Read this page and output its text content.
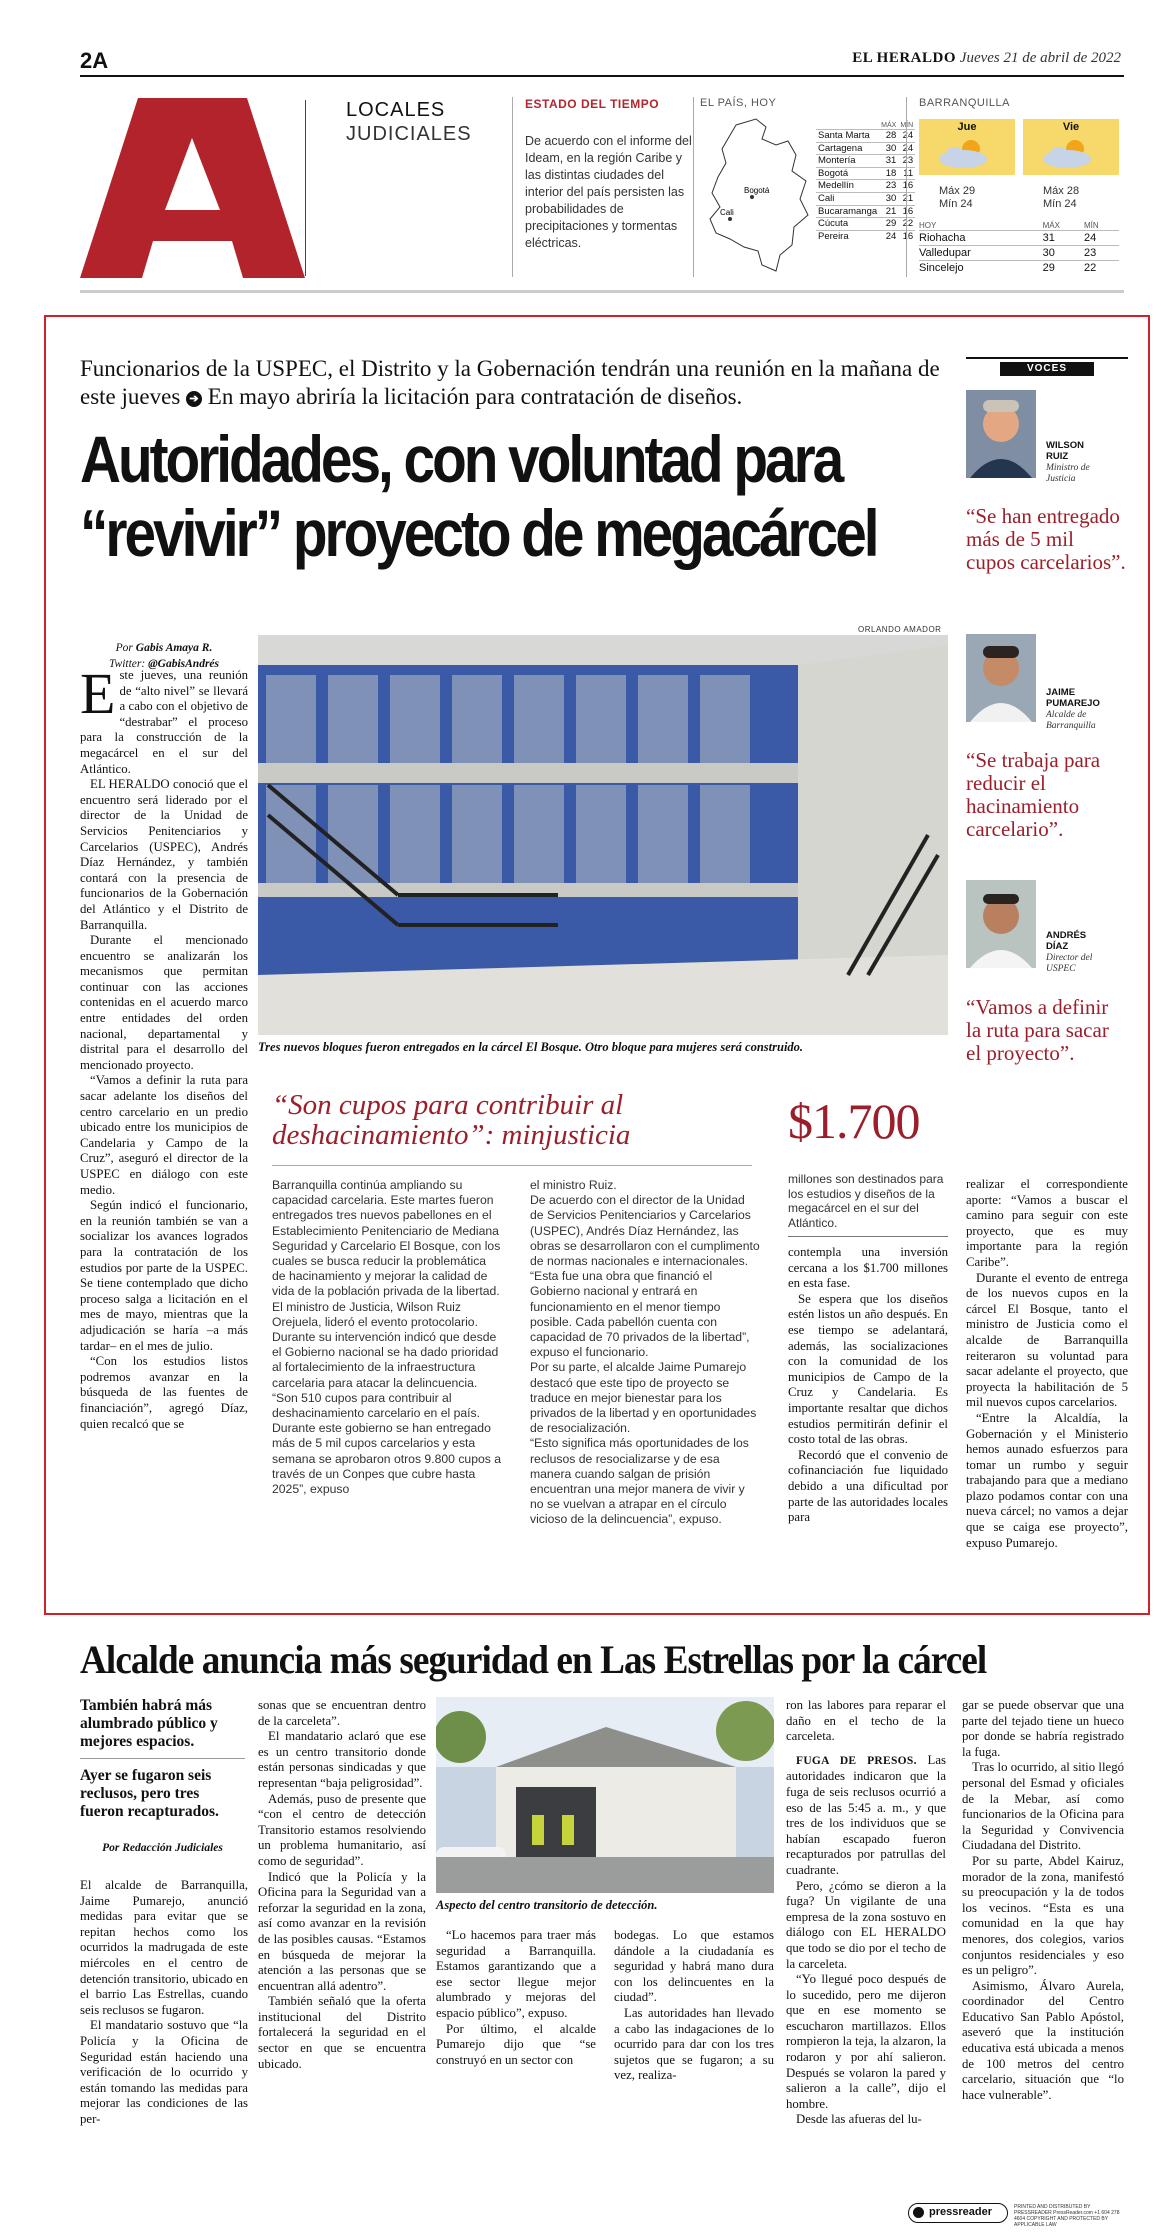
2A	EL HERALDO Jueves 21 de abril de 2022
A
LOCALES
JUDICIALES
ESTADO DEL TIEMPO
De acuerdo con el informe del Ideam, en la región Caribe y las distintas ciudades del interior del país persisten las probabilidades de precipitaciones y tormentas eléctricas.
EL PAÍS, HOY
Bogotá
Cali
	MÁX	MÍN
Santa Marta	28	24
Cartagena	30	24
Montería	31	23
Bogotá	18	11
Medellín	23	16
Cali	30	21
Bucaramanga	21	16
Cúcuta	29	22
Pereira	24	16
BARRANQUILLA
Jue	Vie
Máx 29
Mín 24
Máx 28
Mín 24
HOY	MÁX	MÍN
Riohacha	31	24
Valledupar	30	23
Sincelejo	29	22
Funcionarios de la USPEC, el Distrito y la Gobernación tendrán una reunión en la mañana de este jueves ➔ En mayo abriría la licitación para contratación de diseños.
Autoridades, con voluntad para
“revivir” proyecto de megacárcel
ORLANDO AMADOR
Por Gabis Amaya R.
Twitter: @GabisAndrés

Este jueves, una reunión de “alto nivel” se llevará a cabo con el objetivo de “destrabar” el proceso para la construcción de la megacárcel en el sur del Atlántico.

EL HERALDO conoció que el encuentro será liderado por el director de la Unidad de Servicios Penitenciarios y Carcelarios (USPEC), Andrés Díaz Hernández, y también contará con la presencia de funcionarios de la Gobernación del Atlántico y el Distrito de Barranquilla.

Durante el mencionado encuentro se analizarán los mecanismos que permitan continuar con las acciones contenidas en el acuerdo marco entre entidades del orden nacional, departamental y distrital para el desarrollo del mencionado proyecto.

“Vamos a definir la ruta para sacar adelante los diseños del centro carcelario en un predio ubicado entre los municipios de Candelaria y Campo de la Cruz”, aseguró el director de la USPEC en diálogo con este medio.

Según indicó el funcionario, en la reunión también se van a socializar los avances logrados para la contratación de los estudios por parte de la USPEC. Se tiene contemplado que dicho proceso salga a licitación en el mes de mayo, mientras que la adjudicación se haría –a más tardar– en el mes de julio.

“Con los estudios listos podremos avanzar en la búsqueda de las fuentes de financiación”, agregó Díaz, quien recalcó que se

Tres nuevos bloques fueron entregados en la cárcel El Bosque. Otro bloque para mujeres será construido.
“Son cupos para contribuir al deshacinamiento”: minjusticia	$1.700
millones son destinados para los estudios y diseños de la megacárcel en el sur del Atlántico.

Barranquilla continúa ampliando su capacidad carcelaria. Este martes fueron entregados tres nuevos pabellones en el Establecimiento Penitenciario de Mediana Seguridad y Carcelario El Bosque, con los cuales se busca reducir la problemática de hacinamiento y mejorar la calidad de vida de la población privada de la libertad.

El ministro de Justicia, Wilson Ruiz Orejuela, lideró el evento protocolario. Durante su intervención indicó que desde el Gobierno nacional se ha dado prioridad al fortalecimiento de la infraestructura carcelaria para atacar la delincuencia.

“Son 510 cupos para contribuir al deshacinamiento carcelario en el país. Durante este gobierno se han entregado más de 5 mil cupos carcelarios y esta semana se aprobaron otros 9.800 cupos a través de un Conpes que cubre hasta 2025”, expuso

el ministro Ruiz.

De acuerdo con el director de la Unidad de Servicios Penitenciarios y Carcelarios (USPEC), Andrés Díaz Hernández, las obras se desarrollaron con el cumplimento de normas nacionales e internacionales.

“Esta fue una obra que financió el Gobierno nacional y entrará en funcionamiento en el menor tiempo posible. Cada pabellón cuenta con capacidad de 70 privados de la libertad”, expuso el funcionario.

Por su parte, el alcalde Jaime Pumarejo destacó que este tipo de proyecto se traduce en mejor bienestar para los privados de la libertad y en oportunidades de resocialización.

“Esto significa más oportunidades de los reclusos de resocializarse y de esa manera cuando salgan de prisión encuentran una mejor manera de vivir y no se vuelvan a atrapar en el círculo vicioso de la delincuencia”, expuso.

contempla una inversión cercana a los $1.700 millones en esta fase.

Se espera que los diseños estén listos un año después. En ese tiempo se adelantará, además, las socializaciones con la comunidad de los municipios de Campo de la Cruz y Candelaria. Es importante resaltar que dichos estudios permitirán definir el costo total de las obras.

Recordó que el convenio de cofinanciación fue liquidado debido a una dificultad por parte de las autoridades locales para

realizar el correspondiente aporte: “Vamos a buscar el camino para seguir con este proyecto, que es muy importante para la región Caribe”.

Durante el evento de entrega de los nuevos cupos en la cárcel El Bosque, tanto el ministro de Justicia como el alcalde de Barranquilla reiteraron su voluntad para sacar adelante el proyecto, que proyecta la habilitación de 5 mil nuevos cupos carcelarios.

“Entre la Alcaldía, la Gobernación y el Ministerio hemos aunado esfuerzos para tomar un rumbo y seguir trabajando para que a mediano plazo podamos contar con una nueva cárcel; no vamos a dejar que se caiga ese proyecto”, expuso Pumarejo.

VOCES
WILSON
RUIZ
Ministro de
Justicia
“Se han entregado más de 5 mil cupos carcelarios”.
JAIME
PUMAREJO
Alcalde de
Barranquilla
“Se trabaja para reducir el hacinamiento carcelario”.
ANDRÉS
DÍAZ
Director del
USPEC
“Vamos a definir la ruta para sacar el proyecto”.
Alcalde anuncia más seguridad en Las Estrellas por la cárcel
También habrá más alumbrado público y mejores espacios.
Ayer se fugaron seis reclusos, pero tres fueron recapturados.
Por Redacción Judiciales

El alcalde de Barranquilla, Jaime Pumarejo, anunció medidas para evitar que se repitan hechos como los ocurridos la madrugada de este miércoles en el centro de detención transitorio, ubicado en el barrio Las Estrellas, cuando seis reclusos se fugaron.

El mandatario sostuvo que “la Policía y la Oficina de Seguridad están haciendo una verificación de lo ocurrido y están tomando las medidas para mejorar las condiciones de las per-

sonas que se encuentran dentro de la carceleta”.

El mandatario aclaró que ese es un centro transitorio donde están personas sindicadas y que representan “baja peligrosidad”.

Además, puso de presente que “con el centro de detección Transitorio estamos resolviendo un problema humanitario, así como de seguridad”.

Indicó que la Policía y la Oficina para la Seguridad van a reforzar la seguridad en la zona, así como avanzar en la revisión de las posibles causas. “Estamos en búsqueda de mejorar la atención a las personas que se encuentran allá adentro”.

También señaló que la oferta institucional del Distrito fortalecerá la seguridad en el sector en que se encuentra ubicado.

Aspecto del centro transitorio de detección.

“Lo hacemos para traer más seguridad a Barranquilla. Estamos garantizando que a ese sector llegue mejor alumbrado y mejoras del espacio público”, expuso.

Por último, el alcalde Pumarejo dijo que “se construyó en un sector con

bodegas. Lo que estamos dándole a la ciudadanía es seguridad y habrá mano dura con los delincuentes en la ciudad”.

Las autoridades han llevado a cabo las indagaciones de lo ocurrido para dar con los tres sujetos que se fugaron; a su vez, realiza-

ron las labores para reparar el daño en el techo de la carceleta.

FUGA DE PRESOS. Las autoridades indicaron que la fuga de seis reclusos ocurrió a eso de las 5:45 a. m., y que tres de los individuos que se habían escapado fueron recapturados por patrullas del cuadrante.

Pero, ¿cómo se dieron a la fuga? Un vigilante de una empresa de la zona sostuvo en diálogo con EL HERALDO que todo se dio por el techo de la carceleta.

“Yo llegué poco después de lo sucedido, pero me dijeron que en ese momento se escucharon martillazos. Ellos rompieron la teja, la alzaron, la rodaron y por ahí salieron. Después se volaron la pared y salieron a la calle”, dijo el hombre.

Desde las afueras del lu-

gar se puede observar que una parte del tejado tiene un hueco por donde se habría registrado la fuga.

Tras lo ocurrido, al sitio llegó personal del Esmad y oficiales de la Mebar, así como funcionarios de la Oficina para la Seguridad y Convivencia Ciudadana del Distrito.

Por su parte, Abdel Kairuz, morador de la zona, manifestó su preocupación y la de todos los vecinos. “Esta es una comunidad en la que hay menores, dos colegios, varios conjuntos residenciales y eso es un peligro”.

Asimismo, Álvaro Aurela, coordinador del Centro Educativo San Pablo Apóstol, aseveró que la institución educativa está ubicada a menos de 100 metros del centro carcelario, situación que “lo hace vulnerable”.

pressreader	PRINTED AND DISTRIBUTED BY PRESSREADER PressReader.com +1 604 278 4604 COPYRIGHT AND PROTECTED BY APPLICABLE LAW
